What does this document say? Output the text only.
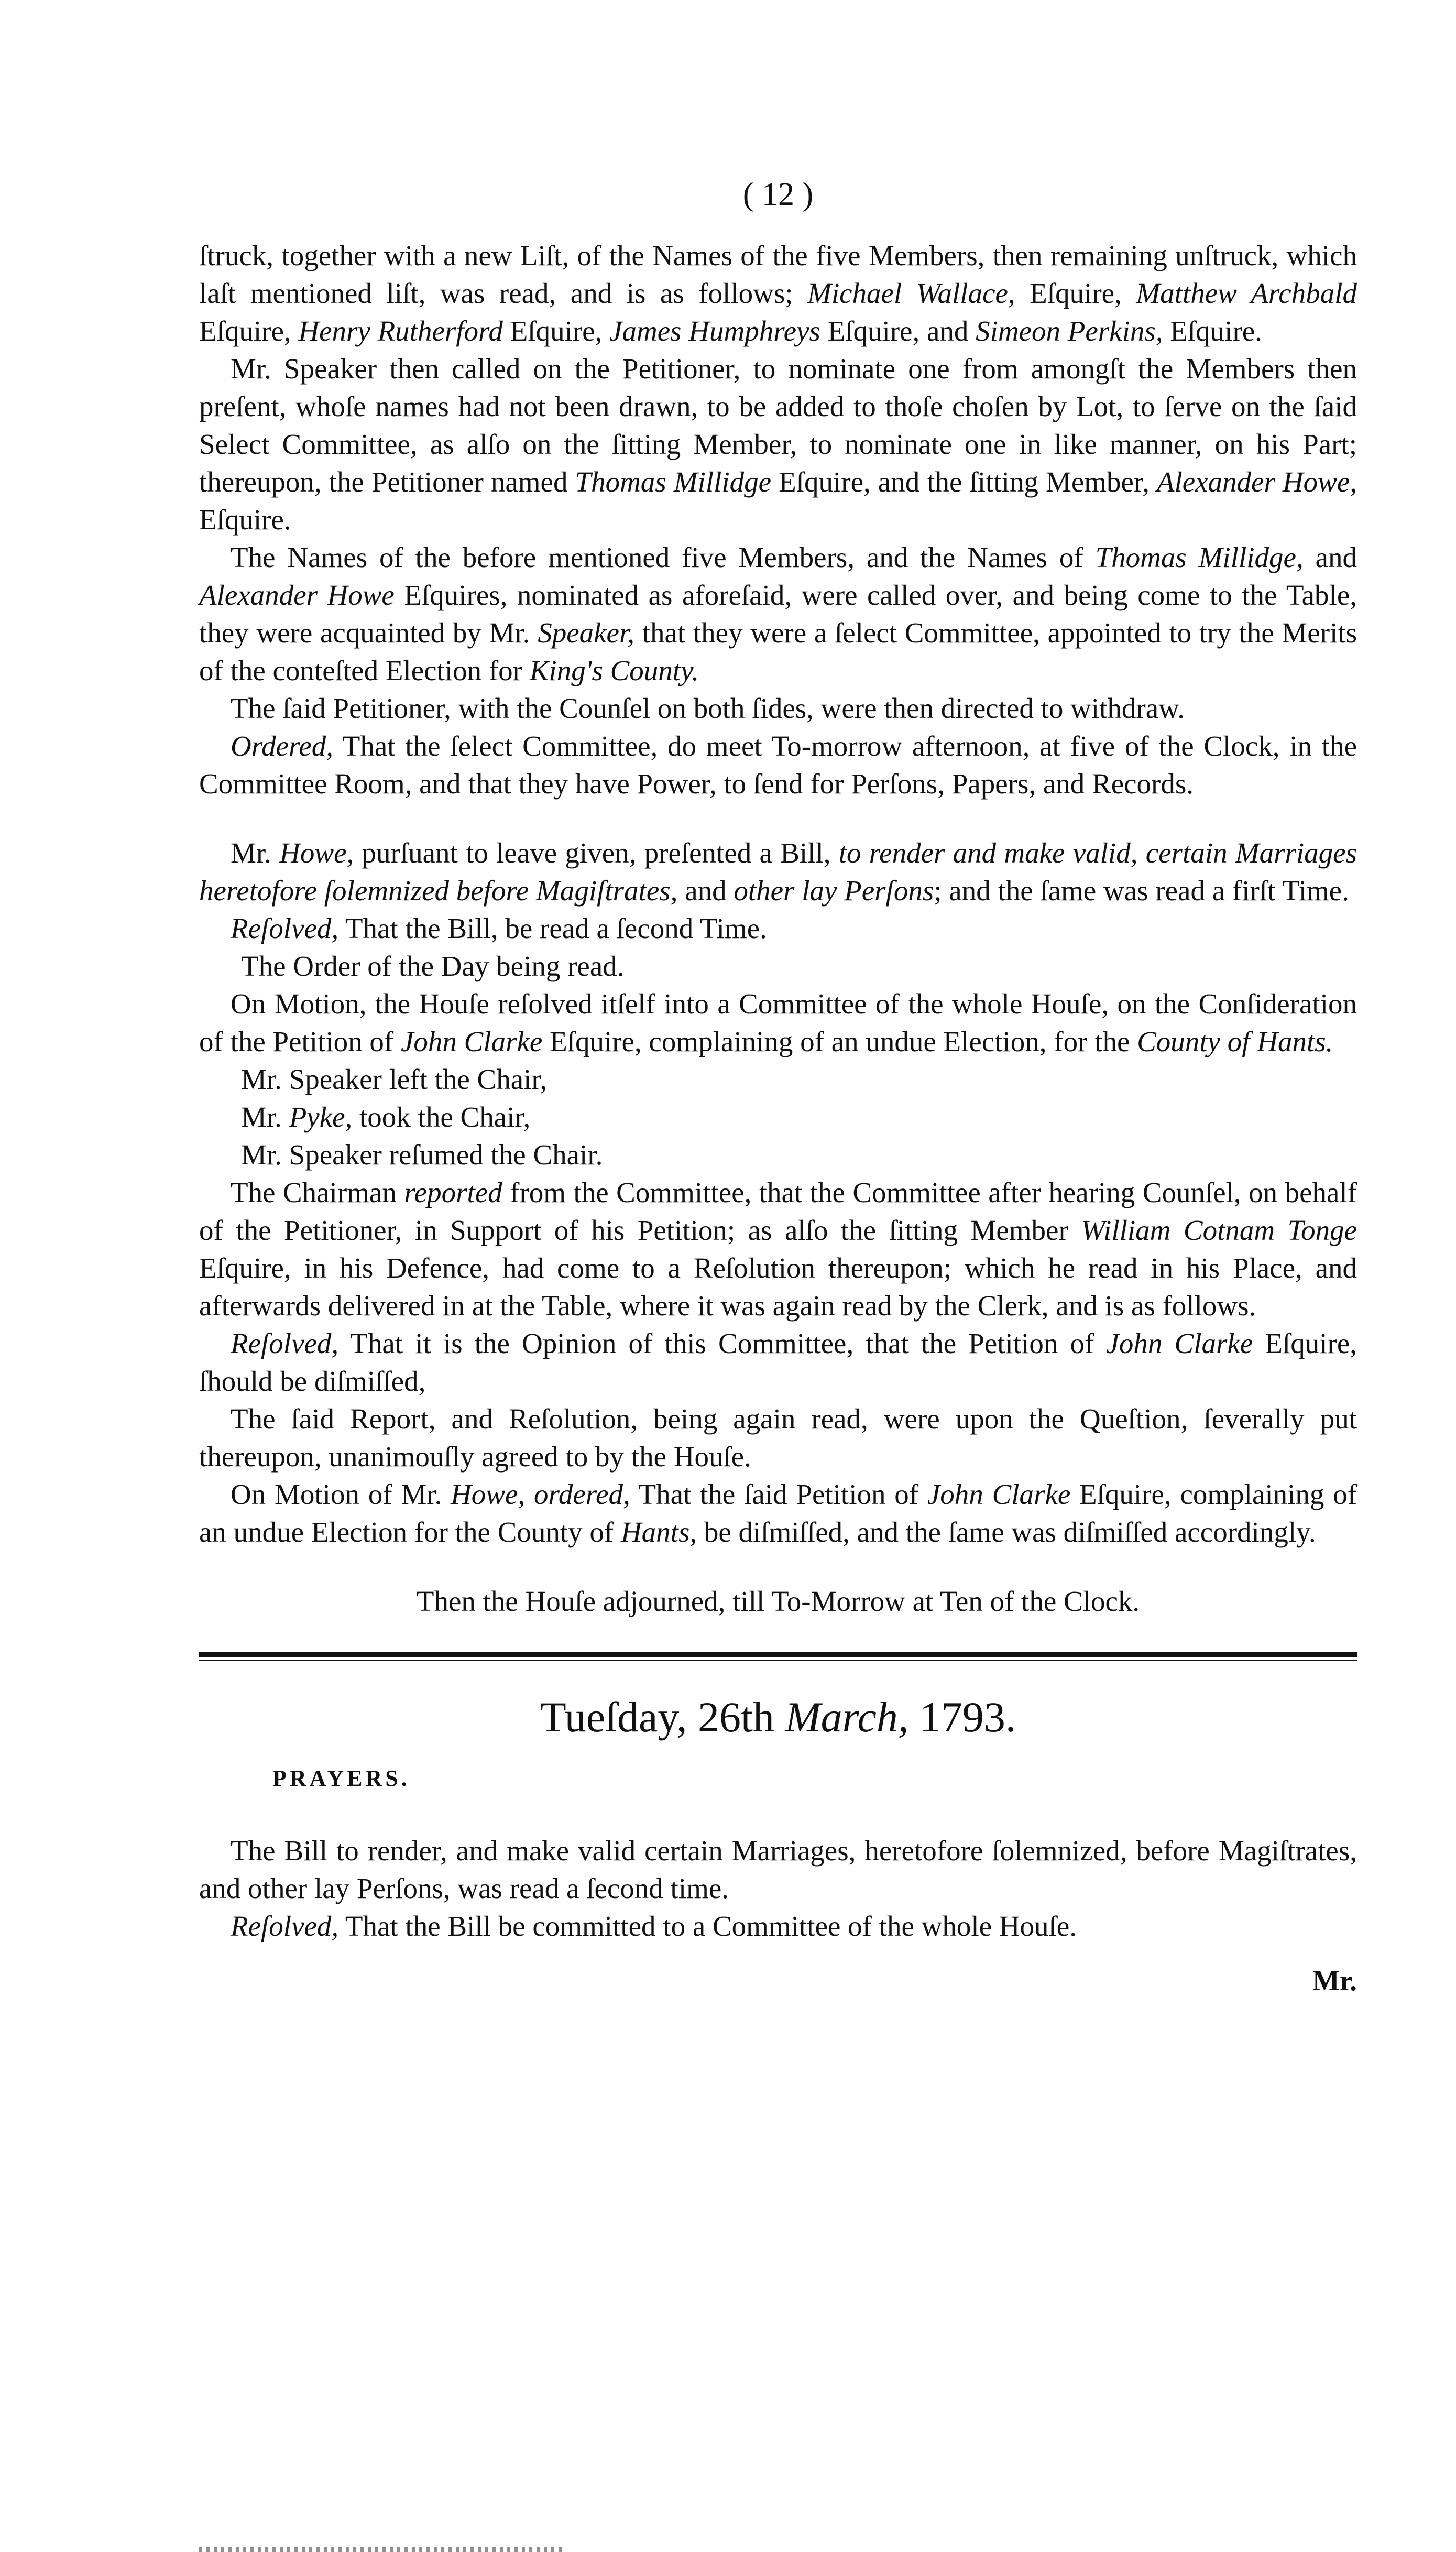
( 12 )

ſtruck, together with a new Liſt, of the Names of the five Members, then remaining unſtruck, which laſt mentioned liſt, was read, and is as follows; Michael Wallace, Eſquire, Matthew Archbald Eſquire, Henry Rutherford Eſquire, James Humphreys Eſquire, and Simeon Perkins, Eſquire.

Mr. Speaker then called on the Petitioner, to nominate one from amongſt the Members then preſent, whoſe names had not been drawn, to be added to thoſe choſen by Lot, to ſerve on the ſaid Select Committee, as alſo on the ſitting Member, to nominate one in like manner, on his Part; thereupon, the Petitioner named Thomas Millidge Eſquire, and the ſitting Member, Alexander Howe, Eſquire.

The Names of the before mentioned five Members, and the Names of Thomas Millidge, and Alexander Howe Eſquires, nominated as aforeſaid, were called over, and being come to the Table, they were acquainted by Mr. Speaker, that they were a ſelect Committee, appointed to try the Merits of the conteſted Election for King's County.

The ſaid Petitioner, with the Counſel on both ſides, were then directed to withdraw.

Ordered, That the ſelect Committee, do meet To-morrow afternoon, at five of the Clock, in the Committee Room, and that they have Power, to ſend for Perſons, Papers, and Records.

Mr. Howe, purſuant to leave given, preſented a Bill, to render and make valid, certain Marriages heretofore ſolemnized before Magiſtrates, and other lay Perſons; and the ſame was read a firſt Time.

Reſolved, That the Bill, be read a ſecond Time.

The Order of the Day being read.

On Motion, the Houſe reſolved itſelf into a Committee of the whole Houſe, on the Conſideration of the Petition of John Clarke Eſquire, complaining of an undue Election, for the County of Hants.

Mr. Speaker left the Chair,

Mr. Pyke, took the Chair,

Mr. Speaker reſumed the Chair.

The Chairman reported from the Committee, that the Committee after hearing Counſel, on behalf of the Petitioner, in Support of his Petition; as alſo the ſitting Member William Cotnam Tonge Eſquire, in his Defence, had come to a Reſolution thereupon; which he read in his Place, and afterwards delivered in at the Table, where it was again read by the Clerk, and is as follows.

Reſolved, That it is the Opinion of this Committee, that the Petition of John Clarke Eſquire, ſhould be diſmiſſed,

The ſaid Report, and Reſolution, being again read, were upon the Queſtion, ſeverally put thereupon, unanimouſly agreed to by the Houſe.

On Motion of Mr. Howe, ordered, That the ſaid Petition of John Clarke Eſquire, complaining of an undue Election for the County of Hants, be diſmiſſed, and the ſame was diſmiſſed accordingly.

Then the Houſe adjourned, till To-Morrow at Ten of the Clock.

Tueſday, 26th March, 1793.
PRAYERS.

The Bill to render, and make valid certain Marriages, heretofore ſolemnized, before Magiſtrates, and other lay Perſons, was read a ſecond time.

Reſolved, That the Bill be committed to a Committee of the whole Houſe.

Mr.
